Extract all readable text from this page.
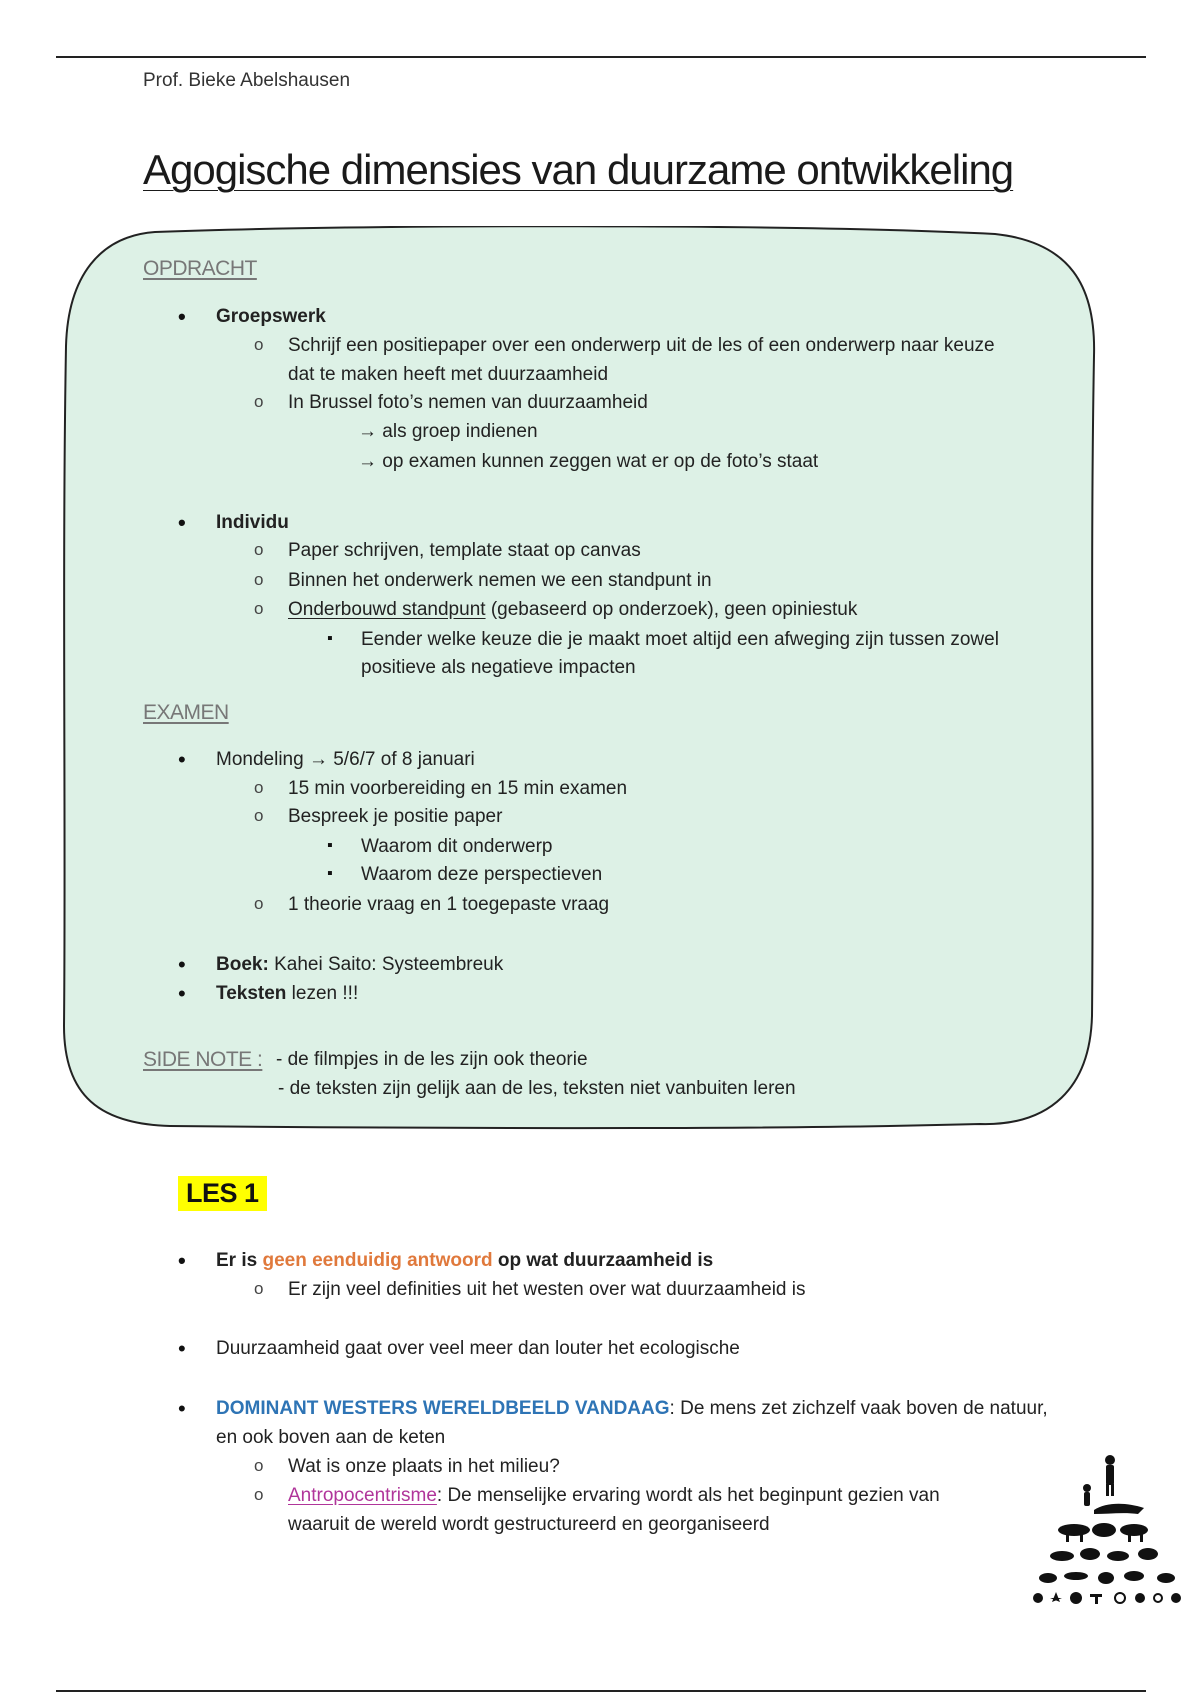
Prof. Bieke Abelshausen
Agogische dimensies van duurzame ontwikkeling
OPDRACHT
• Groepswerk
o Schrijf een positiepaper over een onderwerp uit de les of een onderwerp naar keuze
dat te maken heeft met duurzaamheid
o In Brussel foto’s nemen van duurzaamheid
→ als groep indienen
→ op examen kunnen zeggen wat er op de foto’s staat
• Individu
o Paper schrijven, template staat op canvas
o Binnen het onderwerk nemen we een standpunt in
o Onderbouwd standpunt (gebaseerd op onderzoek), geen opiniestuk
▪ Eender welke keuze die je maakt moet altijd een afweging zijn tussen zowel
positieve als negatieve impacten
EXAMEN
• Mondeling → 5/6/7 of 8 januari
o 15 min voorbereiding en 15 min examen
o Bespreek je positie paper
▪ Waarom dit onderwerp
▪ Waarom deze perspectieven
o 1 theorie vraag en 1 toegepaste vraag
• Boek: Kahei Saito: Systeembreuk
• Teksten lezen !!!
SIDE NOTE : - de filmpjes in de les zijn ook theorie
- de teksten zijn gelijk aan de les, teksten niet vanbuiten leren
LES 1
• Er is geen eenduidig antwoord op wat duurzaamheid is
o Er zijn veel definities uit het westen over wat duurzaamheid is
• Duurzaamheid gaat over veel meer dan louter het ecologische
• DOMINANT WESTERS WERELDBEELD VANDAAG: De mens zet zichzelf vaak boven de natuur,
en ook boven aan de keten
o Wat is onze plaats in het milieu?
o Antropocentrisme: De menselijke ervaring wordt als het beginpunt gezien van
waaruit de wereld wordt gestructureerd en georganiseerd
